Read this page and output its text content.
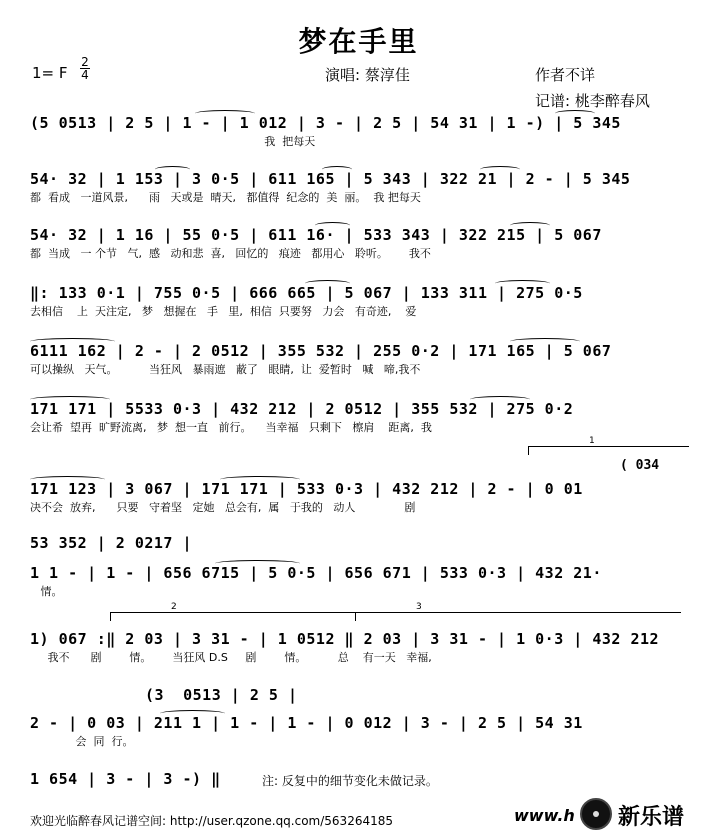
梦在手里
1= F
2
4	演唱: 蔡淳佳	作者不详
记谱: 桃李醉春风
(5 0513 | 2 5 | 1 - | 1 012 | 3 - | 2 5 | 54 31 | 1 -) | 5 345
我  把每天
54· 32 | 1 153 | 3 0·5 | 611 165 | 5 343 | 322 21 | 2 - | 5 345
都  看成   一道风景,      雨   天或是  晴天,   都值得  纪念的  美  丽。  我 把每天
54· 32 | 1 16 | 55 0·5 | 611 16· | 533 343 | 322 215 | 5 067
都  当成   一 个节   气,  感   动和悲  喜,   回忆的   痕迹   都用心   聆听。      我不
‖: 133 0·1 | 755 0·5 | 666 665 | 5 067 | 133 311 | 275 0·5
去相信    上  天注定,   梦   想握在   手   里,  相信  只要努   力会   有奇迹,    爱
6111 162 | 2 - | 2 0512 | 355 532 | 255 0·2 | 171 165 | 5 067
可以操纵   天气。         当狂风   暴雨遮   蔽了   眼睛,  让  爱暂时   喊   啼,我不
171 171 | 5533 0·3 | 432 212 | 2 0512 | 355 532 | 275 0·2
会让希  望再  旷野流离,   梦  想一直   前行。    当幸福   只剩下   檫肩    距离,  我
1
( 034
171 123 | 3 067 | 171 171 | 533 0·3 | 432 212 | 2 - | 0 01
决不会  放弃,      只要   守着坚   定她   总会有,  属   于我的   动人              剧
53 352 | 2 0217 |
1 1 - | 1 - | 656 6715 | 5 0·5 | 656 671 | 533 0·3 | 432 21·
情。
2	3
1) 067 :‖ 2 03 | 3 31 - | 1 0512 ‖ 2 03 | 3 31 - | 1 0·3 | 432 212
我不      剧        情。      当狂风 D.S     剧        情。         总    有一天   幸福,
(3  0513 | 2 5 |
2 - | 0 03 | 211 1 | 1 - | 1 - | 0 012 | 3 - | 2 5 | 54 31
会  同  行。
1 654 | 3 - | 3 -) ‖	注: 反复中的细节变化未做记录。
欢迎光临醉春风记谱空间: http://user.qzone.qq.com/563264185	www.h 新乐谱
